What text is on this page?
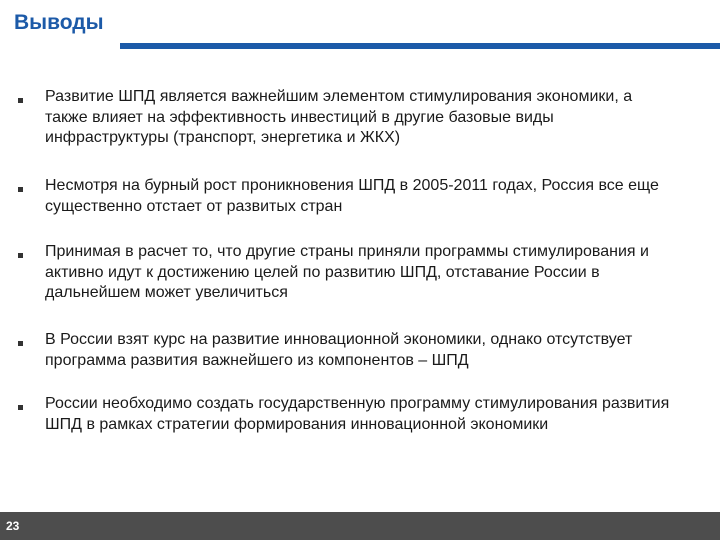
Выводы
Развитие ШПД является важнейшим элементом стимулирования экономики, а также влияет на эффективность инвестиций в другие базовые виды инфраструктуры (транспорт, энергетика и ЖКХ)
Несмотря на бурный рост проникновения ШПД в 2005-2011 годах, Россия все еще существенно отстает от развитых стран
Принимая в расчет то, что другие страны приняли программы стимулирования и активно идут к достижению целей по развитию ШПД, отставание России в дальнейшем может увеличиться
В России взят курс на развитие инновационной экономики, однако отсутствует программа развития важнейшего из компонентов – ШПД
России необходимо создать государственную программу стимулирования развития ШПД в рамках стратегии формирования инновационной экономики
23
